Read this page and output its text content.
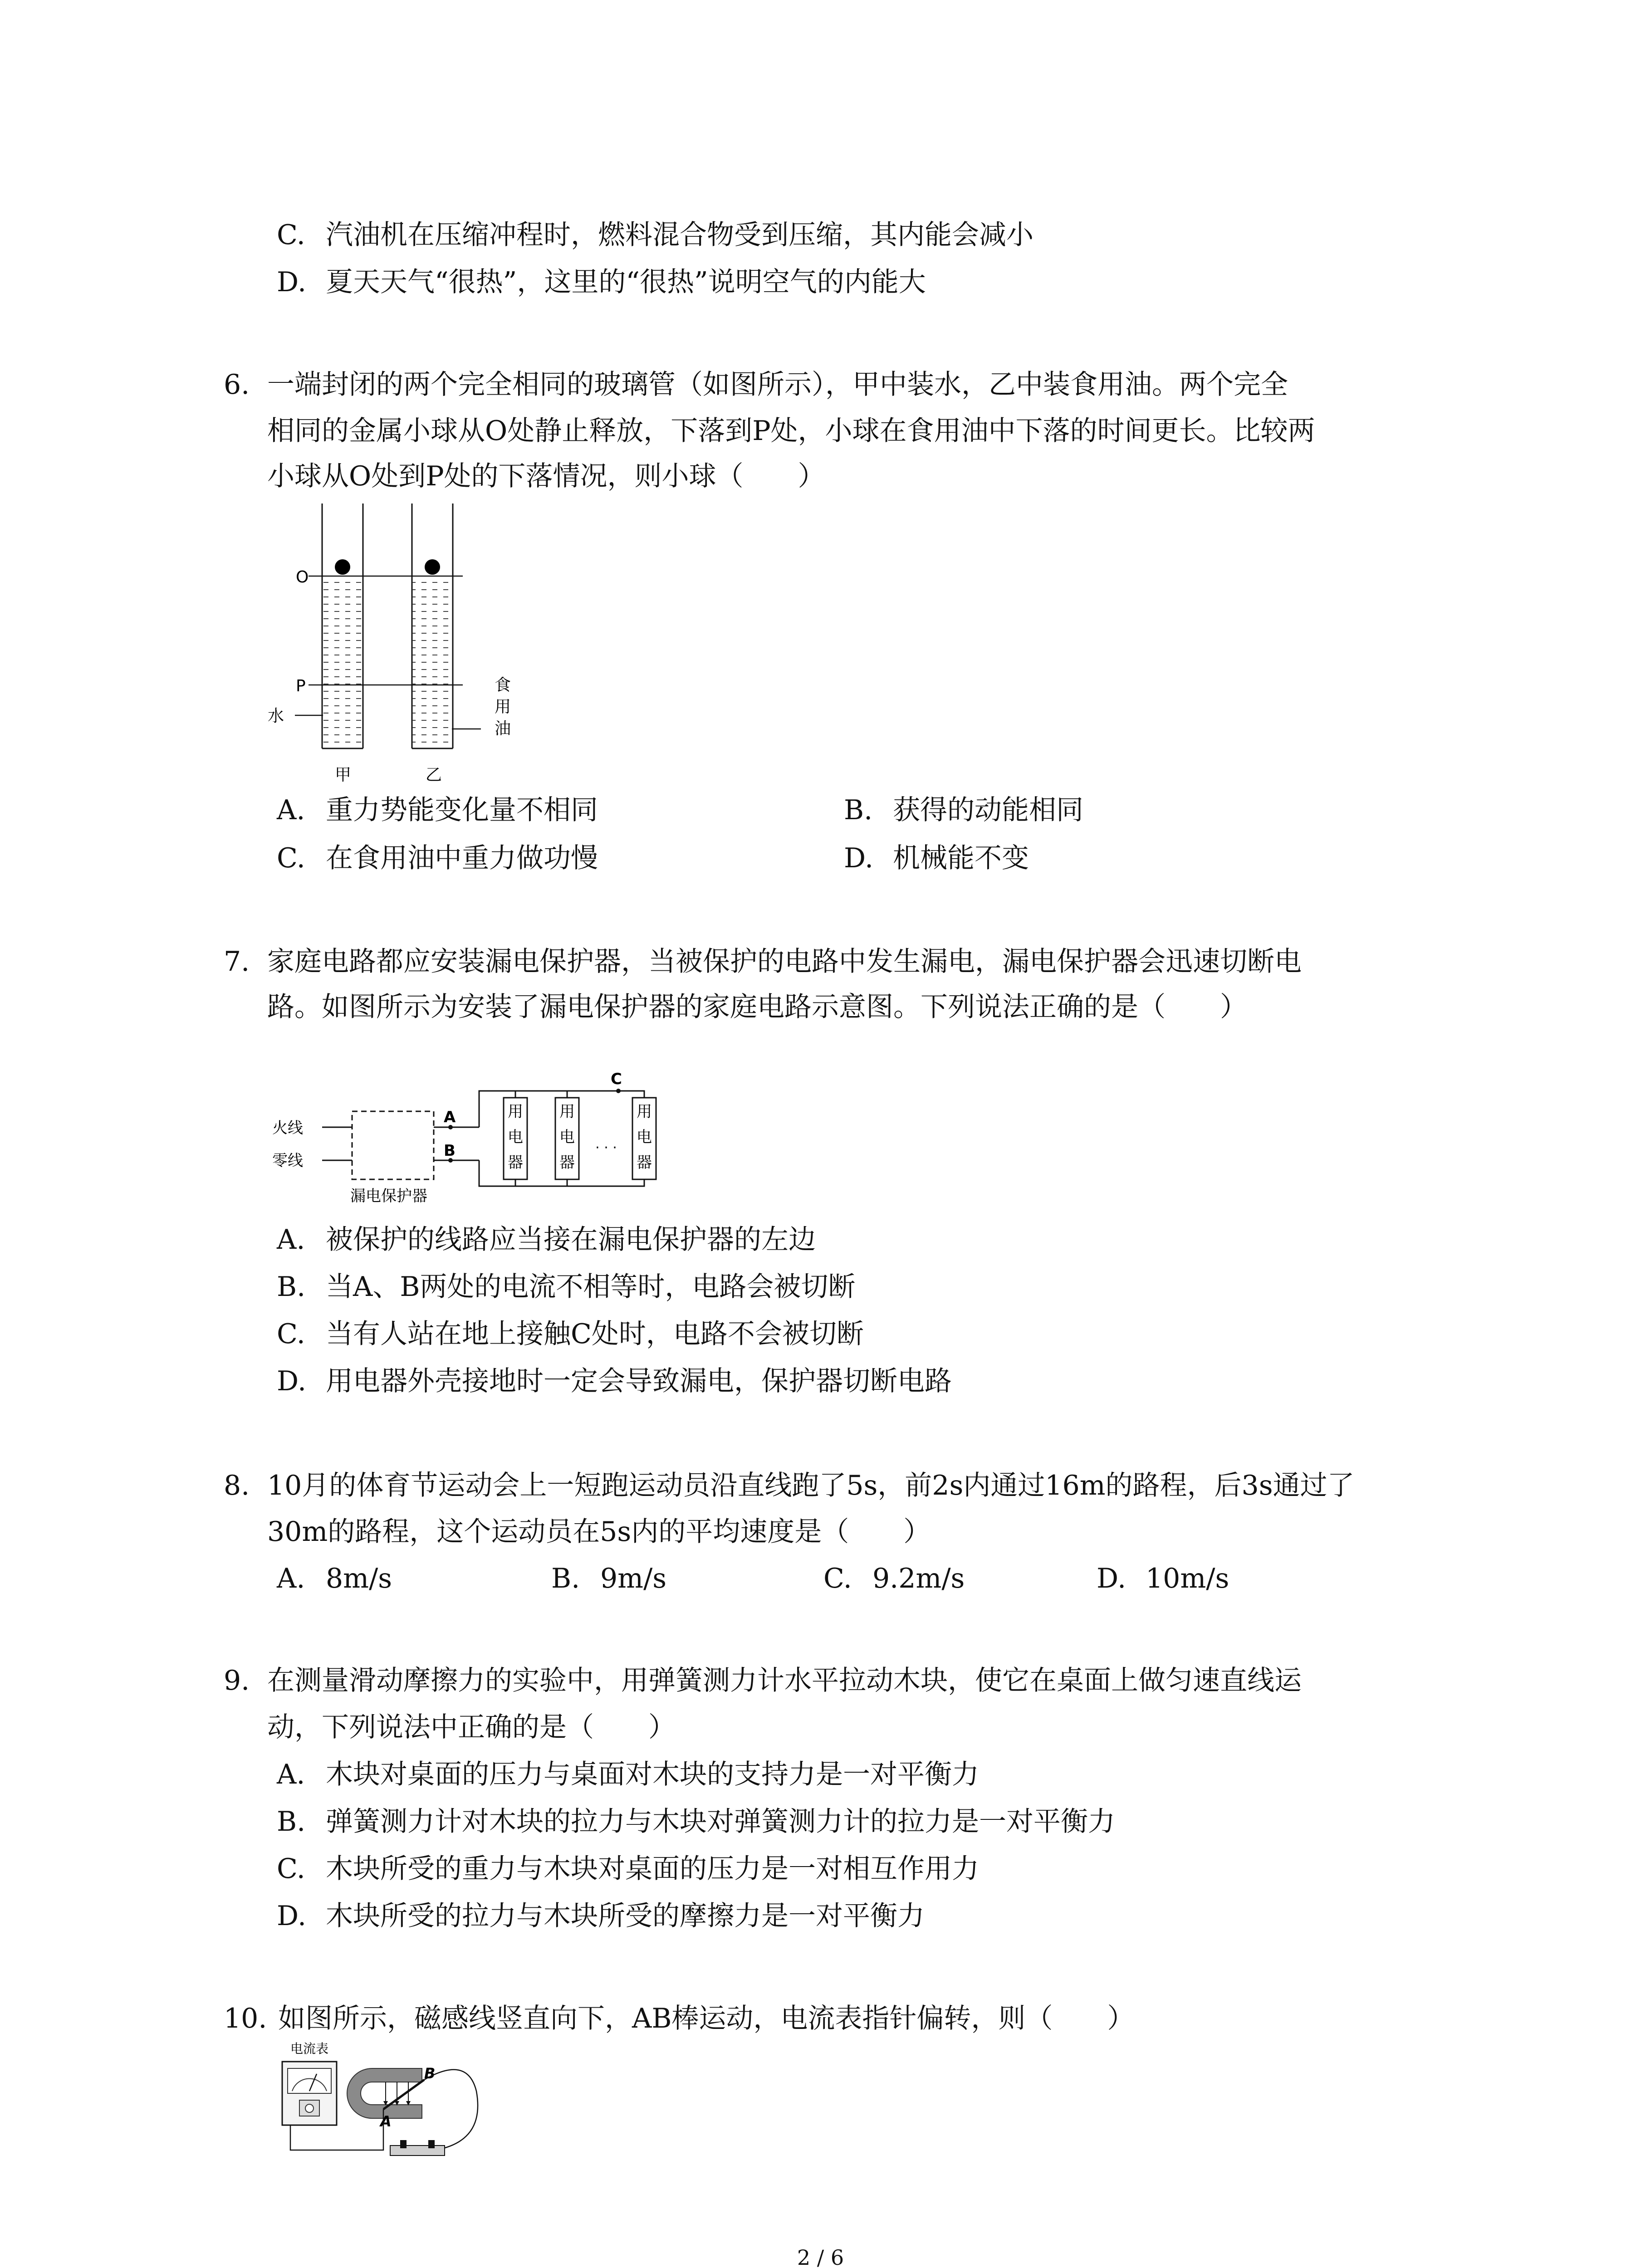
C. 汽油机在压缩冲程时，燃料混合物受到压缩，其内能会减小
D. 夏天天气“很热”，这里的“很热”说明空气的内能大
6. 一端封闭的两个完全相同的玻璃管（如图所示），甲中装水，乙中装食用油。两个完全
相同的金属小球从O处静止释放，下落到P处，小球在食用油中下落的时间更长。比较两
小球从O处到P处的下落情况，则小球（　　）
O
P
水
食
用
油
甲	乙
A. 重力势能变化量不相同	B. 获得的动能相同
C. 在食用油中重力做功慢	D. 机械能不变
7. 家庭电路都应安装漏电保护器，当被保护的电路中发生漏电，漏电保护器会迅速切断电
路。如图所示为安装了漏电保护器的家庭电路示意图。下列说法正确的是（　　）
用
电
器
用
电
器
用
电
器
· · ·
火线
零线
漏电保护器
A
B
C
A. 被保护的线路应当接在漏电保护器的左边
B. 当A、B两处的电流不相等时，电路会被切断
C. 当有人站在地上接触C处时，电路不会被切断
D. 用电器外壳接地时一定会导致漏电，保护器切断电路
8. 10月的体育节运动会上一短跑运动员沿直线跑了5s，前2s内通过16m的路程，后3s通过了
30m的路程，这个运动员在5s内的平均速度是（　　）
A. 8m/s	B. 9m/s	C. 9.2m/s	D. 10m/s
9. 在测量滑动摩擦力的实验中，用弹簧测力计水平拉动木块，使它在桌面上做匀速直线运
动，下列说法中正确的是（　　）
A. 木块对桌面的压力与桌面对木块的支持力是一对平衡力
B. 弹簧测力计对木块的拉力与木块对弹簧测力计的拉力是一对平衡力
C. 木块所受的重力与木块对桌面的压力是一对相互作用力
D. 木块所受的拉力与木块所受的摩擦力是一对平衡力
10. 如图所示，磁感线竖直向下，AB棒运动，电流表指针偏转，则（　　）
电流表
A
B
2 / 6
